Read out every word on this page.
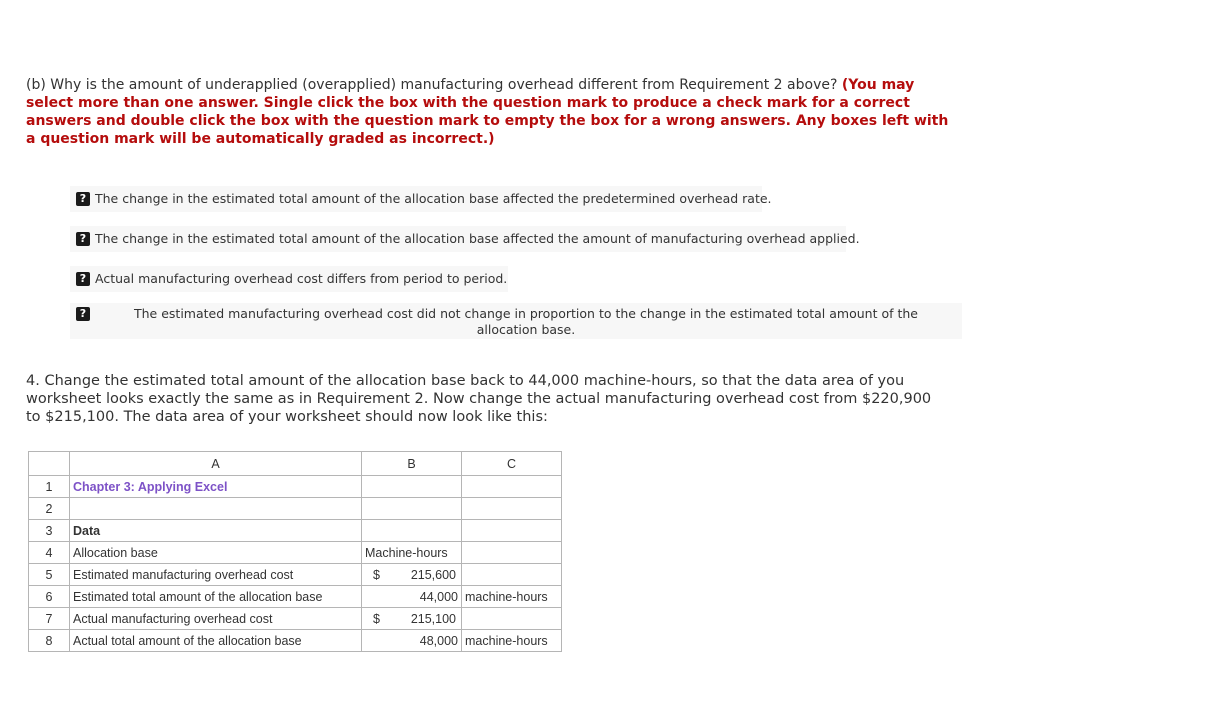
(b) Why is the amount of underapplied (overapplied) manufacturing overhead different from Requirement 2 above? (You may select more than one answer. Single click the box with the question mark to produce a check mark for a correct answers and double click the box with the question mark to empty the box for a wrong answers. Any boxes left with a question mark will be automatically graded as incorrect.)
? The change in the estimated total amount of the allocation base affected the predetermined overhead rate.
? The change in the estimated total amount of the allocation base affected the amount of manufacturing overhead applied.
? Actual manufacturing overhead cost differs from period to period.
?	The estimated manufacturing overhead cost did not change in proportion to the change in the estimated total amount of the allocation base.
4. Change the estimated total amount of the allocation base back to 44,000 machine-hours, so that the data area of you worksheet looks exactly the same as in Requirement 2. Now change the actual manufacturing overhead cost from $220,900 to $215,100. The data area of your worksheet should now look like this:
	A	B	C
1	Chapter 3: Applying Excel		
2			
3	Data		
4	Allocation base	Machine-hours	
5	Estimated manufacturing overhead cost	$ 215,600	

6	Estimated total amount of the allocation base	44,000	machine-hours
7	Actual manufacturing overhead cost	$ 215,100	

8	Actual total amount of the allocation base	48,000	machine-hours
